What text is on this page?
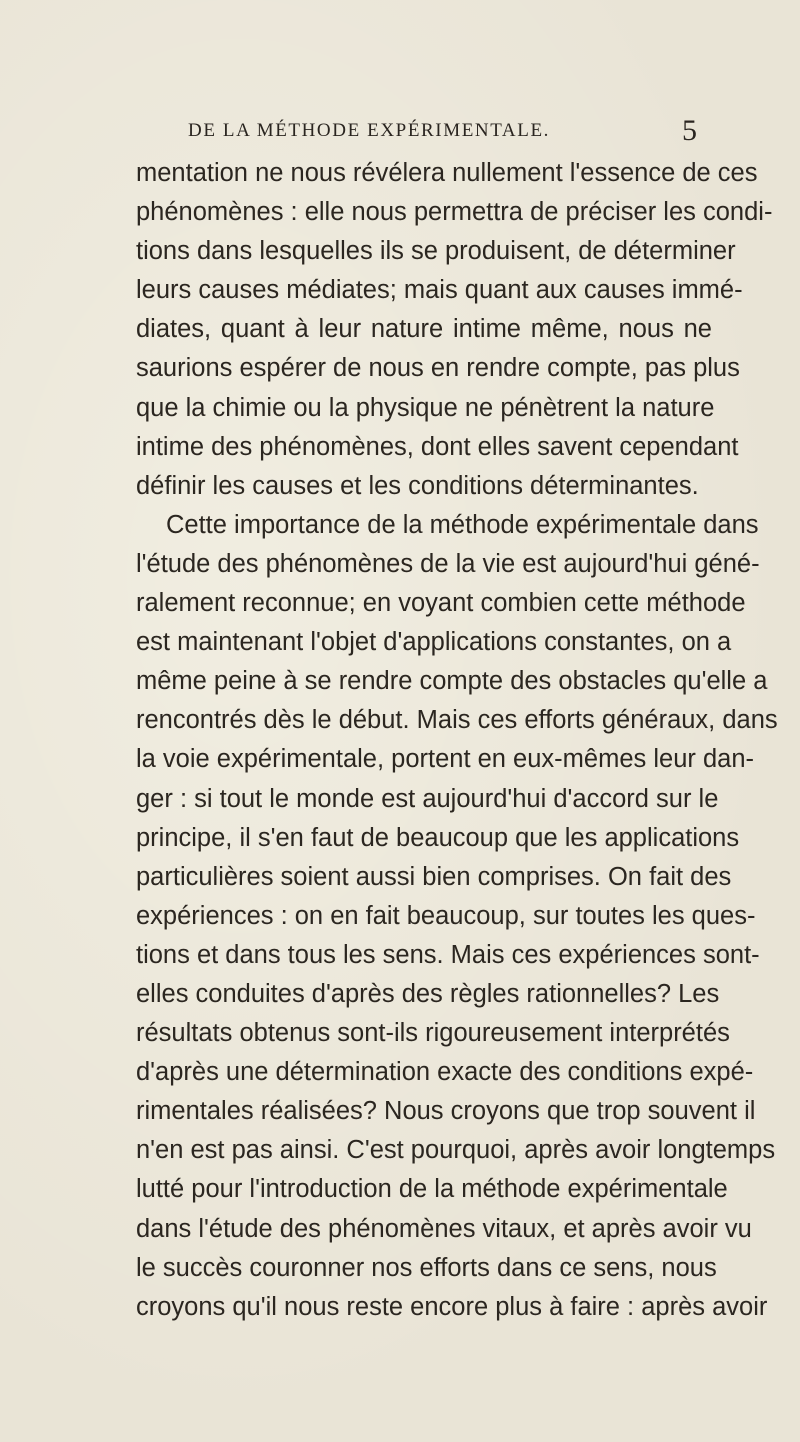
DE LA MÉTHODE EXPÉRIMENTALE.	5
mentation ne nous révélera nullement l'essence de ces
phénomènes : elle nous permettra de préciser les condi-
tions dans lesquelles ils se produisent, de déterminer
leurs causes médiates; mais quant aux causes immé-
diates, quant à leur nature intime même, nous ne
saurions espérer de nous en rendre compte, pas plus
que la chimie ou la physique ne pénètrent la nature
intime des phénomènes, dont elles savent cependant
définir les causes et les conditions déterminantes.
Cette importance de la méthode expérimentale dans
l'étude des phénomènes de la vie est aujourd'hui géné-
ralement reconnue; en voyant combien cette méthode
est maintenant l'objet d'applications constantes, on a
même peine à se rendre compte des obstacles qu'elle a
rencontrés dès le début. Mais ces efforts généraux, dans
la voie expérimentale, portent en eux-mêmes leur dan-
ger : si tout le monde est aujourd'hui d'accord sur le
principe, il s'en faut de beaucoup que les applications
particulières soient aussi bien comprises. On fait des
expériences : on en fait beaucoup, sur toutes les ques-
tions et dans tous les sens. Mais ces expériences sont-
elles conduites d'après des règles rationnelles? Les
résultats obtenus sont-ils rigoureusement interprétés
d'après une détermination exacte des conditions expé-
rimentales réalisées? Nous croyons que trop souvent il
n'en est pas ainsi. C'est pourquoi, après avoir longtemps
lutté pour l'introduction de la méthode expérimentale
dans l'étude des phénomènes vitaux, et après avoir vu
le succès couronner nos efforts dans ce sens, nous
croyons qu'il nous reste encore plus à faire : après avoir
